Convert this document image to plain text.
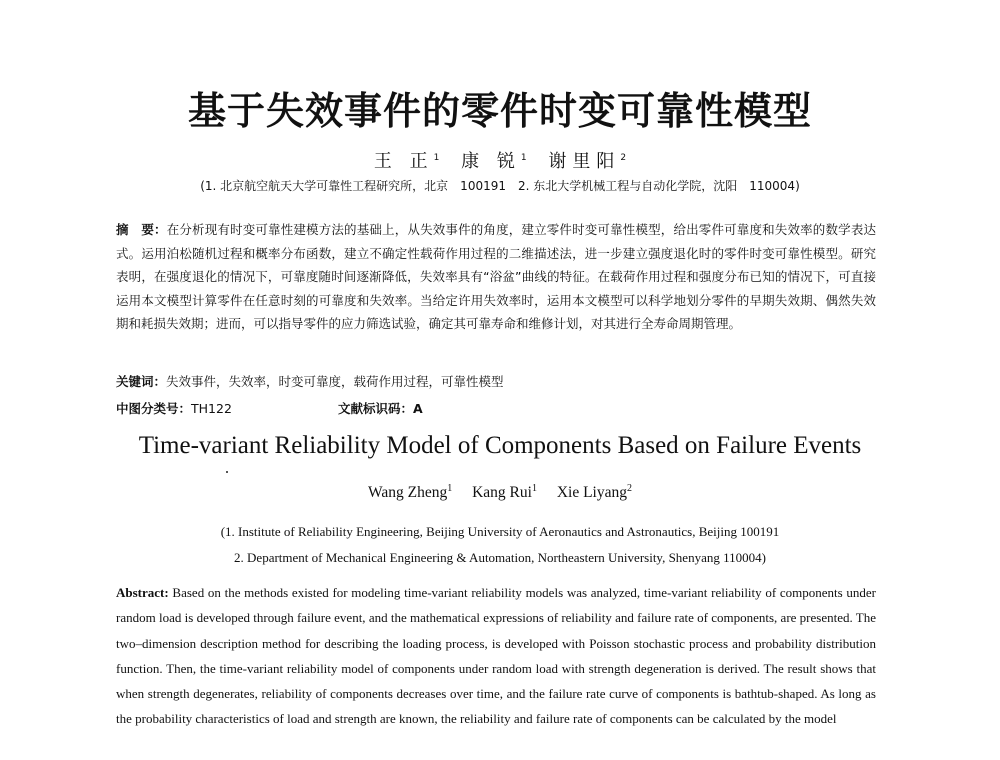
基于失效事件的零件时变可靠性模型
王 正$^1$ 康 锐$^1$ 谢里阳$^2$
(1. 北京航空航天大学可靠性工程研究所，北京　100191　2. 东北大学机械工程与自动化学院，沈阳　110004)
摘　要：在分析现有时变可靠性建模方法的基础上，从失效事件的角度，建立零件时变可靠性模型，给出零件可靠度和失效率的数学表达式。运用泊松随机过程和概率分布函数，建立不确定性载荷作用过程的二维描述法，进一步建立强度退化时的零件时变可靠性模型。研究表明，在强度退化的情况下，可靠度随时间逐渐降低，失效率具有“浴盆”曲线的特征。在载荷作用过程和强度分布已知的情况下，可直接运用本文模型计算零件在任意时刻的可靠度和失效率。当给定许用失效率时，运用本文模型可以科学地划分零件的早期失效期、偶然失效期和耗损失效期；进而，可以指导零件的应力筛选试验，确定其可靠寿命和维修计划，对其进行全寿命周期管理。
关键词：失效事件，失效率，时变可靠度，载荷作用过程，可靠性模型
中图分类号：TH122	文献标识码：A
Time-variant Reliability Model of Components Based on Failure Events
Wang Zheng$^1$ Kang Rui$^1$ Xie Liyang$^2$
(1. Institute of Reliability Engineering, Beijing University of Aeronautics and Astronautics, Beijing 100191
2. Department of Mechanical Engineering & Automation, Northeastern University, Shenyang 110004)
Abstract: Based on the methods existed for modeling time-variant reliability models was analyzed, time-variant reliability of components under random load is developed through failure event, and the mathematical expressions of reliability and failure rate of components, are presented. The two–dimension description method for describing the loading process, is developed with Poisson stochastic process and probability distribution function. Then, the time-variant reliability model of components under random load with strength degeneration is derived. The result shows that when strength degenerates, reliability of components decreases over time, and the failure rate curve of components is bathtub-shaped. As long as the probability characteristics of load and strength are known, the reliability and failure rate of components can be calculated by the model
